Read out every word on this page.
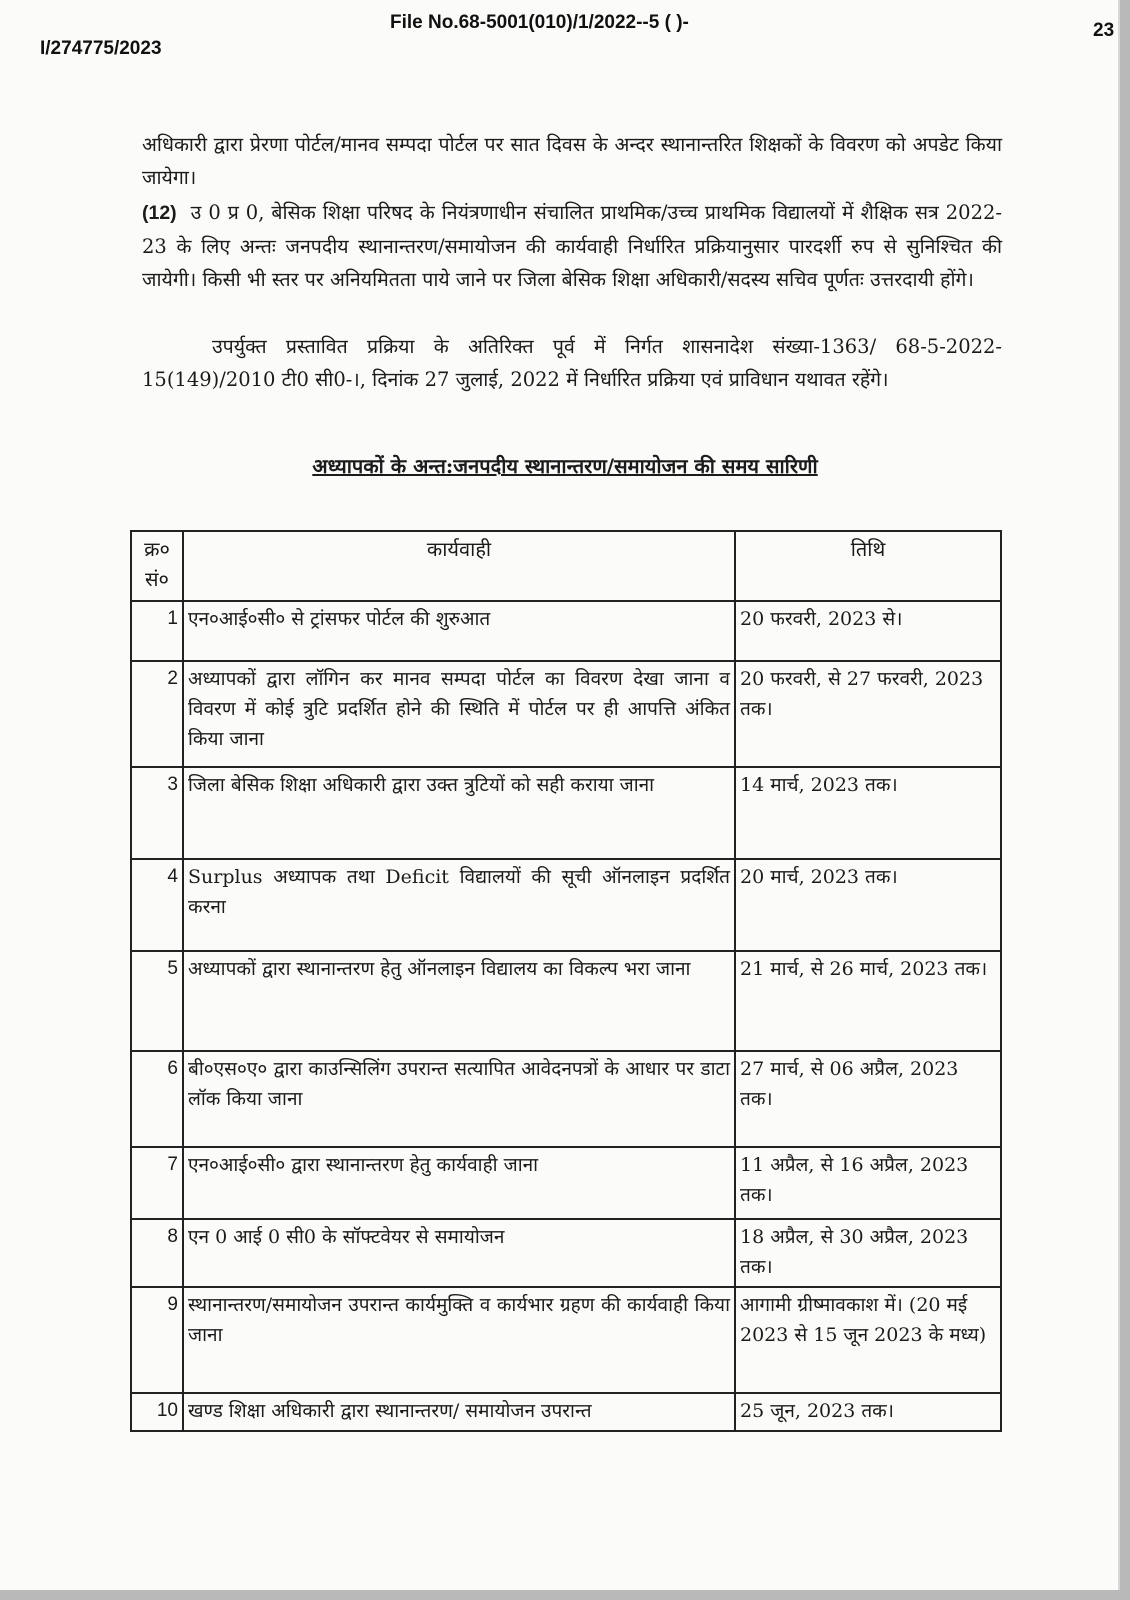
File No.68-5001(010)/1/2022--5 ( )-
I/274775/2023
23

अधिकारी द्वारा प्रेरणा पोर्टल/मानव सम्पदा पोर्टल पर सात दिवस के अन्दर स्थानान्तरित शिक्षकों के विवरण को अपडेट किया जायेगा।

(12) उ 0 प्र 0, बेसिक शिक्षा परिषद के नियंत्रणाधीन संचालित प्राथमिक/उच्च प्राथमिक विद्यालयों में शैक्षिक सत्र 2022-23 के लिए अन्तः जनपदीय स्थानान्तरण/समायोजन की कार्यवाही निर्धारित प्रक्रियानुसार पारदर्शी रुप से सुनिश्चित की जायेगी। किसी भी स्तर पर अनियमितता पाये जाने पर जिला बेसिक शिक्षा अधिकारी/सदस्य सचिव पूर्णतः उत्तरदायी होंगे।

उपर्युक्त प्रस्तावित प्रक्रिया के अतिरिक्त पूर्व में निर्गत शासनादेश संख्या-1363/ 68-5-2022-15(149)/2010 टी0 सी0-।, दिनांक 27 जुलाई, 2022 में निर्धारित प्रक्रिया एवं प्राविधान यथावत रहेंगे।

अध्यापकों के अन्त:जनपदीय स्थानान्तरण/समायोजन की समय सारिणी
क्र० सं०	कार्यवाही	तिथि
1	एन०आई०सी० से ट्रांसफर पोर्टल की शुरुआत	20 फरवरी, 2023 से।
2	अध्यापकों द्वारा लॉगिन कर मानव सम्पदा पोर्टल का विवरण देखा जाना व विवरण में कोई त्रुटि प्रदर्शित होने की स्थिति में पोर्टल पर ही आपत्ति अंकित किया जाना	20 फरवरी, से 27 फरवरी, 2023 तक।
3	जिला बेसिक शिक्षा अधिकारी द्वारा उक्त त्रुटियों को सही कराया जाना	14 मार्च, 2023 तक।
4	Surplus अध्यापक तथा Deficit विद्यालयों की सूची ऑनलाइन प्रदर्शित करना	20 मार्च, 2023 तक।
5	अध्यापकों द्वारा स्थानान्तरण हेतु ऑनलाइन विद्यालय का विकल्प भरा जाना	21 मार्च, से 26 मार्च, 2023 तक।
6	बी०एस०ए० द्वारा काउन्सिलिंग उपरान्त सत्यापित आवेदनपत्रों के आधार पर डाटा लॉक किया जाना	27 मार्च, से 06 अप्रैल, 2023 तक।
7	एन०आई०सी० द्वारा स्थानान्तरण हेतु कार्यवाही जाना	11 अप्रैल, से 16 अप्रैल, 2023 तक।
8	एन 0 आई 0 सी0 के सॉफ्टवेयर से समायोजन	18 अप्रैल, से 30 अप्रैल, 2023 तक।
9	स्थानान्तरण/समायोजन उपरान्त कार्यमुक्ति व कार्यभार ग्रहण की कार्यवाही किया जाना	आगामी ग्रीष्मावकाश में। (20 मई 2023 से 15 जून 2023 के मध्य)
10	खण्ड शिक्षा अधिकारी द्वारा स्थानान्तरण/ समायोजन उपरान्त	25 जून, 2023 तक।
